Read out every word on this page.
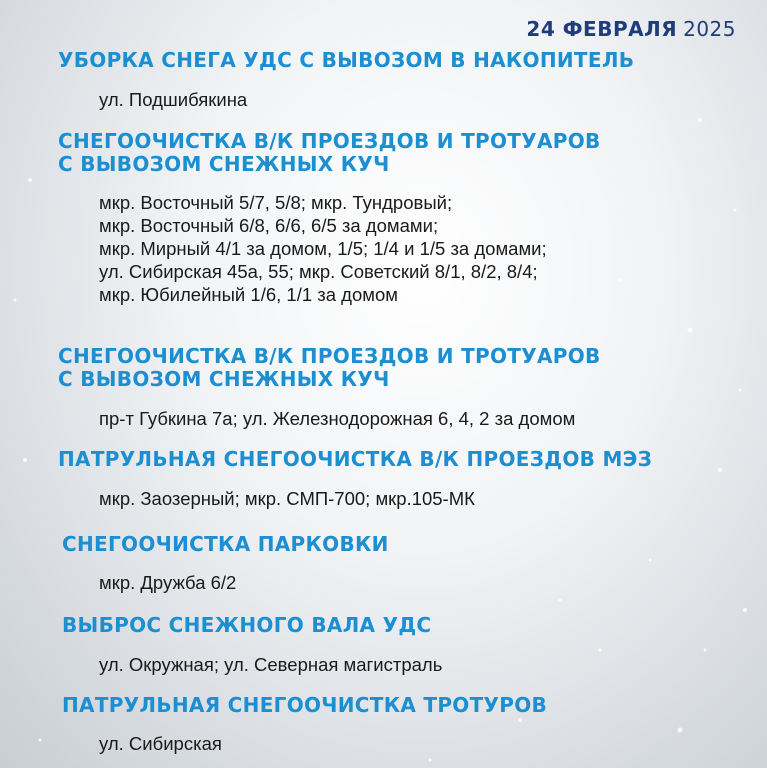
24 ФЕВРАЛЯ 2025
УБОРКА СНЕГА УДС С ВЫВОЗОМ В НАКОПИТЕЛЬ
ул. Подшибякина
СНЕГООЧИСТКА В/К ПРОЕЗДОВ И ТРОТУАРОВ
С ВЫВОЗОМ СНЕЖНЫХ КУЧ
мкр. Восточный 5/7, 5/8; мкр. Тундровый;
мкр. Восточный 6/8, 6/6, 6/5 за домами;
мкр. Мирный 4/1 за домом, 1/5; 1/4 и 1/5 за домами;
ул. Сибирская 45а, 55; мкр. Советский 8/1, 8/2, 8/4;
мкр. Юбилейный 1/6, 1/1 за домом
СНЕГООЧИСТКА В/К ПРОЕЗДОВ И ТРОТУАРОВ
С ВЫВОЗОМ СНЕЖНЫХ КУЧ
пр-т Губкина 7а; ул. Железнодорожная 6, 4, 2 за домом
ПАТРУЛЬНАЯ СНЕГООЧИСТКА В/К ПРОЕЗДОВ МЭЗ
мкр. Заозерный; мкр. СМП-700; мкр.105-МК
СНЕГООЧИСТКА ПАРКОВКИ
мкр. Дружба 6/2
ВЫБРОС СНЕЖНОГО ВАЛА УДС
ул. Окружная; ул. Северная магистраль
ПАТРУЛЬНАЯ СНЕГООЧИСТКА ТРОТУРОВ
ул. Сибирская
